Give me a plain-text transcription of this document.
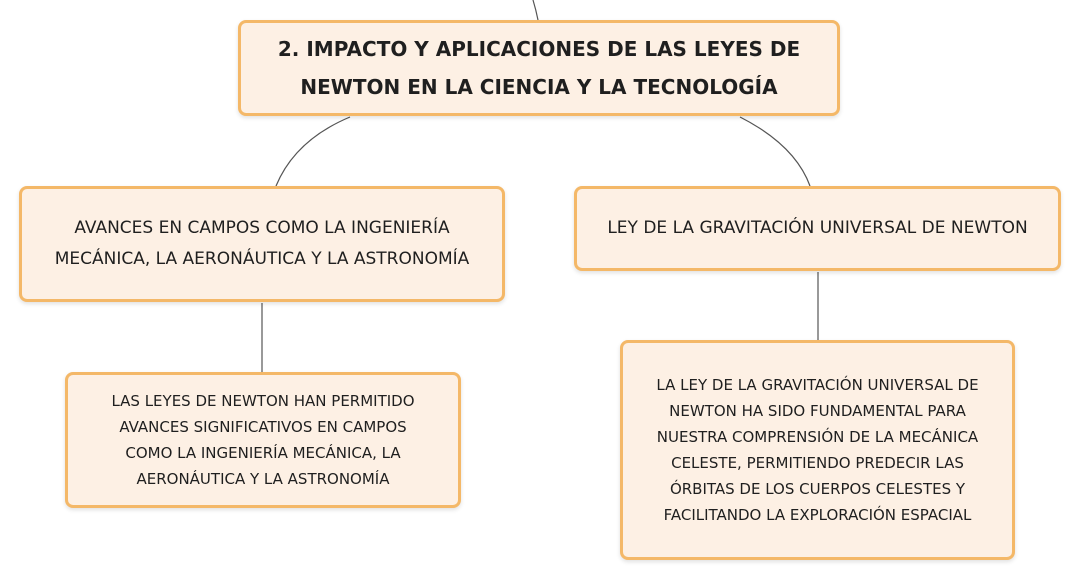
2. IMPACTO Y APLICACIONES DE LAS LEYES DE
NEWTON EN LA CIENCIA Y LA TECNOLOGÍA
AVANCES EN CAMPOS COMO LA INGENIERÍA
MECÁNICA, LA AERONÁUTICA Y LA ASTRONOMÍA
LEY DE LA GRAVITACIÓN UNIVERSAL DE NEWTON
LAS LEYES DE NEWTON HAN PERMITIDO
AVANCES SIGNIFICATIVOS EN CAMPOS
COMO LA INGENIERÍA MECÁNICA, LA
AERONÁUTICA Y LA ASTRONOMÍA
LA LEY DE LA GRAVITACIÓN UNIVERSAL DE
NEWTON HA SIDO FUNDAMENTAL PARA
NUESTRA COMPRENSIÓN DE LA MECÁNICA
CELESTE, PERMITIENDO PREDECIR LAS
ÓRBITAS DE LOS CUERPOS CELESTES Y
FACILITANDO LA EXPLORACIÓN ESPACIAL
